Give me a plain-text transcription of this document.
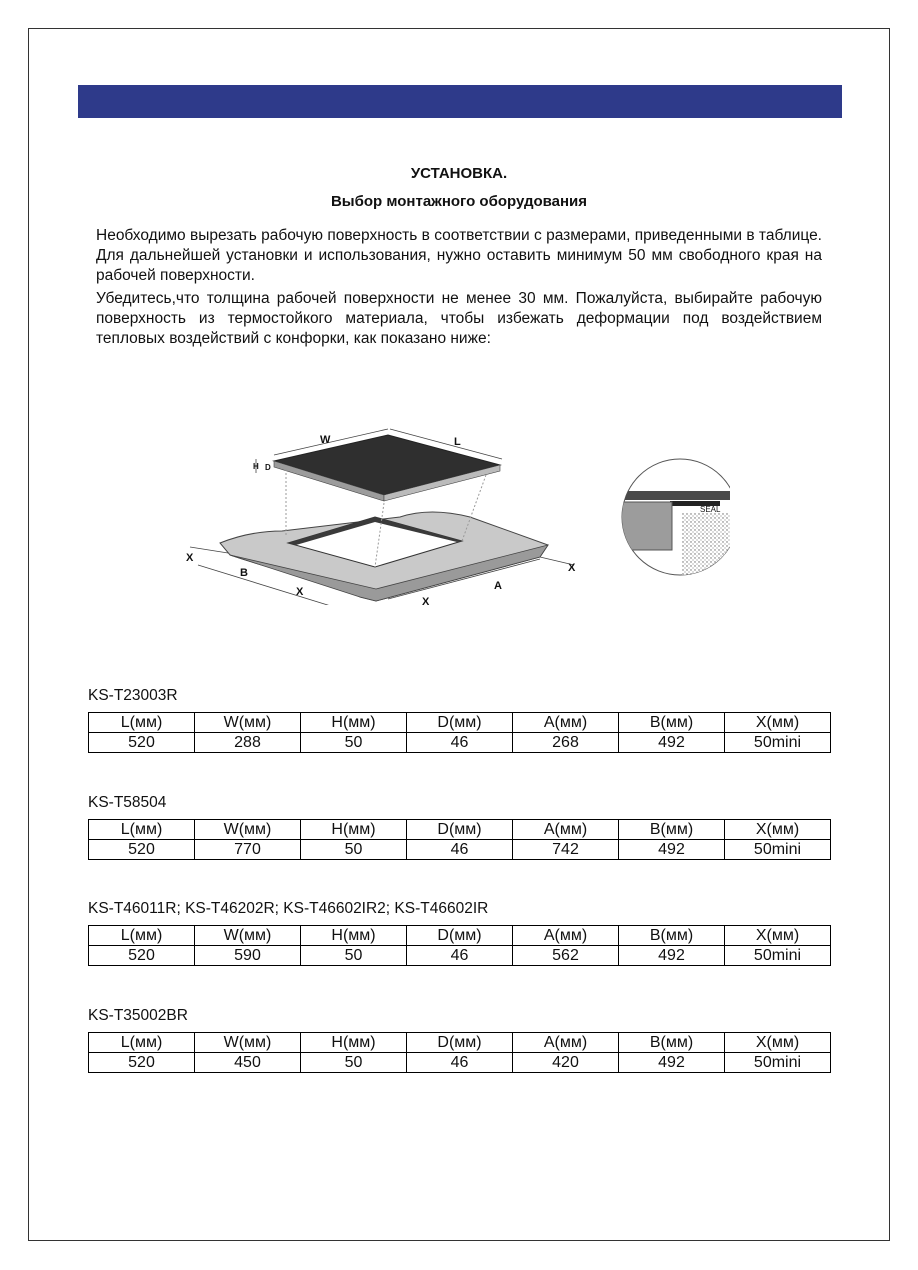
УСТАНОВКА.
Выбор монтажного оборудования
Необходимо вырезать рабочую поверхность в соответствии с размерами, приведенными в таблице. Для дальнейшей установки и использования, нужно оставить минимум 50 мм свободного края на рабочей поверхности.
Убедитесь,что толщина рабочей поверхности не менее 30 мм. Пожалуйста, выбирайте рабочую поверхность из термостойкого материала, чтобы избежать деформации под воздействием тепловых воздействий с конфорки, как показано ниже:
W	L
H D
X
B
X
X
A
X
SEAL
KS-T23003R
L(мм)	W(мм)	H(мм)	D(мм)	A(мм)	B(мм)	X(мм)
520	288	50	46	268	492	50mini
KS-T58504
L(мм)	W(мм)	H(мм)	D(мм)	A(мм)	B(мм)	X(мм)
520	770	50	46	742	492	50mini
KS-T46011R; KS-T46202R; KS-T46602IR2; KS-T46602IR
L(мм)	W(мм)	H(мм)	D(мм)	A(мм)	B(мм)	X(мм)
520	590	50	46	562	492	50mini
KS-T35002BR
L(мм)	W(мм)	H(мм)	D(мм)	A(мм)	B(мм)	X(мм)
520	450	50	46	420	492	50mini
